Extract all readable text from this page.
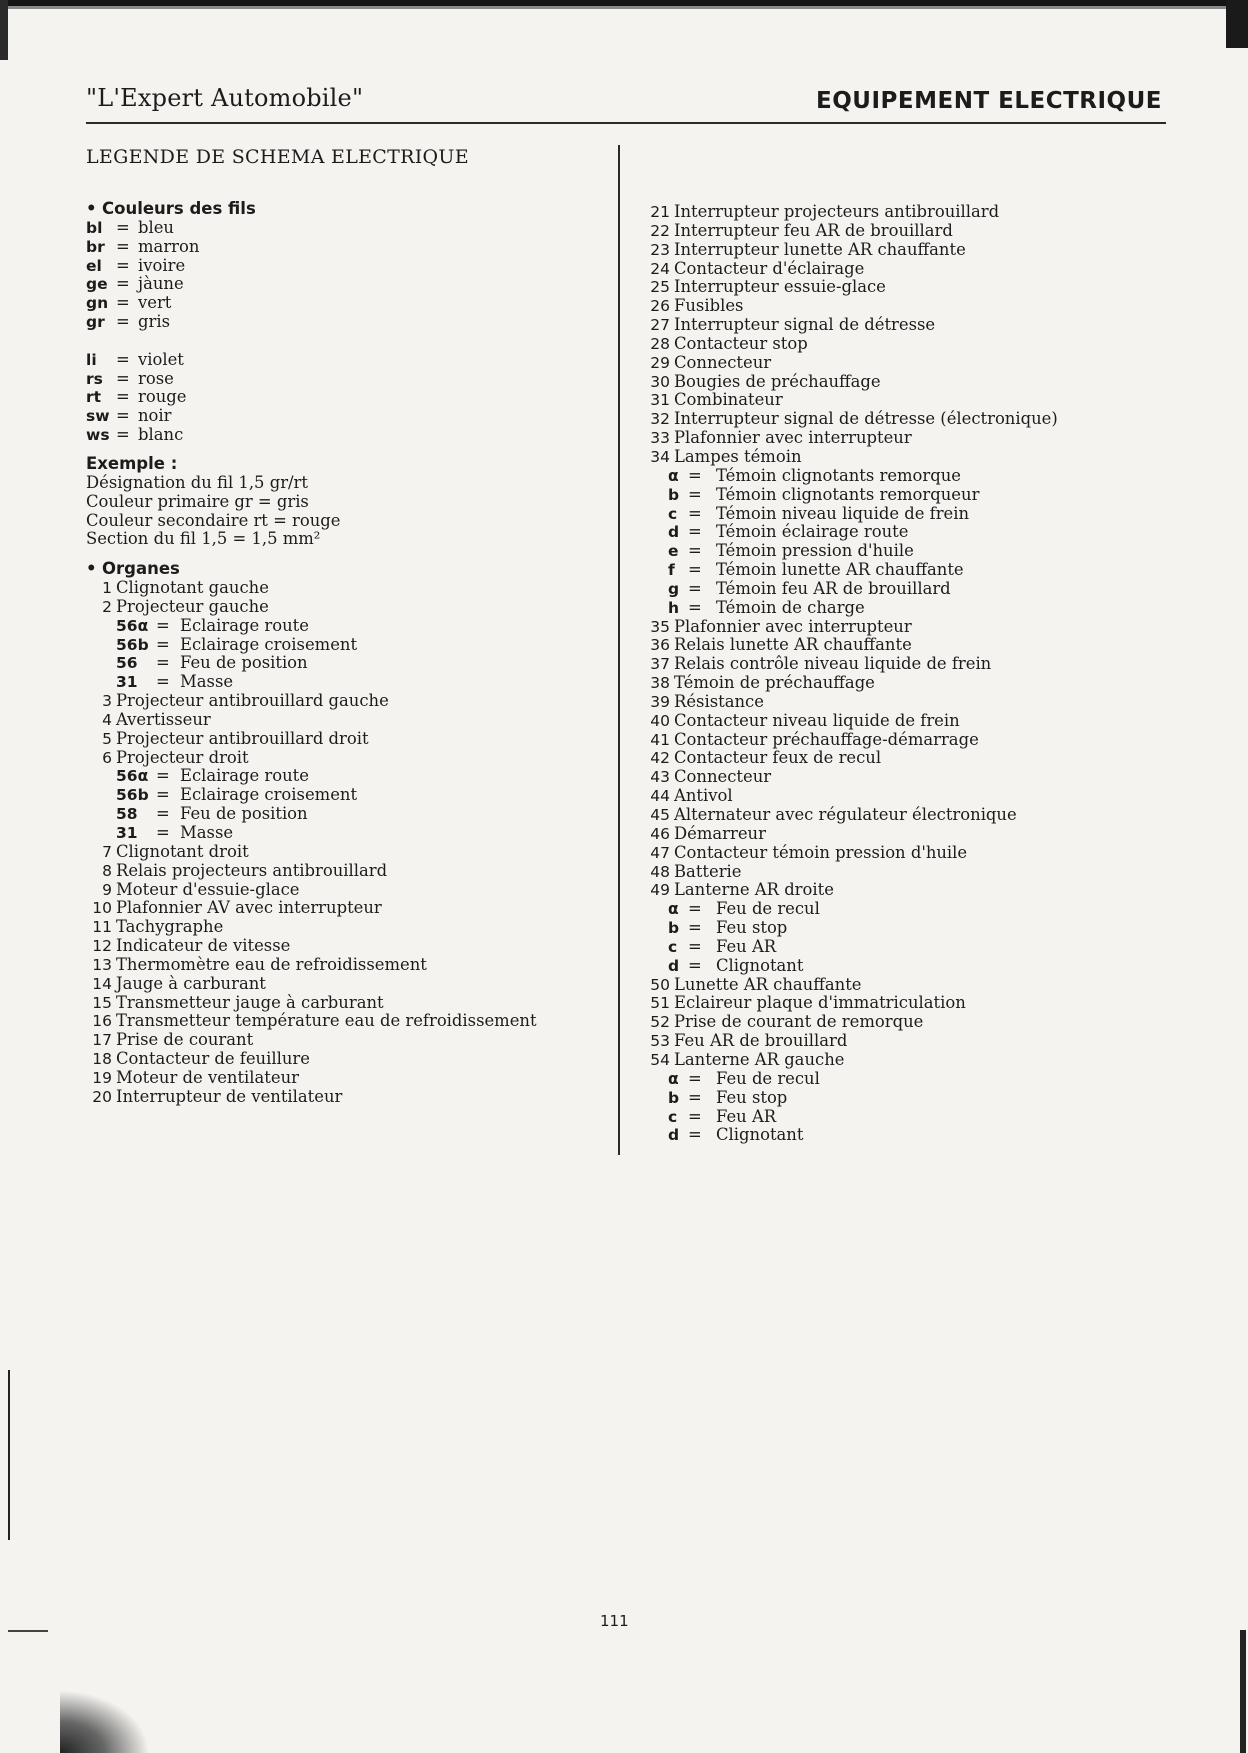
"L'Expert Automobile"	EQUIPEMENT ELECTRIQUE
LEGENDE DE SCHEMA ELECTRIQUE
• Couleurs des fils
bl = bleu
br = marron
el = ivoire
ge = jàune
gn = vert
gr = gris
li = violet
rs = rose
rt = rouge
sw = noir
ws = blanc
Exemple :
Désignation du fil 1,5 gr/rt
Couleur primaire gr = gris
Couleur secondaire rt = rouge
Section du fil 1,5 = 1,5 mm²
• Organes
1 Clignotant gauche
2 Projecteur gauche
56α = Eclairage route
56b = Eclairage croisement
56 = Feu de position
31 = Masse
3 Projecteur antibrouillard gauche
4 Avertisseur
5 Projecteur antibrouillard droit
6 Projecteur droit
56α = Eclairage route
56b = Eclairage croisement
58 = Feu de position
31 = Masse
7 Clignotant droit
8 Relais projecteurs antibrouillard
9 Moteur d'essuie-glace
10 Plafonnier AV avec interrupteur
11 Tachygraphe
12 Indicateur de vitesse
13 Thermomètre eau de refroidissement
14 Jauge à carburant
15 Transmetteur jauge à carburant
16 Transmetteur température eau de refroidissement
17 Prise de courant
18 Contacteur de feuillure
19 Moteur de ventilateur
20 Interrupteur de ventilateur
21 Interrupteur projecteurs antibrouillard
22 Interrupteur feu AR de brouillard
23 Interrupteur lunette AR chauffante
24 Contacteur d'éclairage
25 Interrupteur essuie-glace
26 Fusibles
27 Interrupteur signal de détresse
28 Contacteur stop
29 Connecteur
30 Bougies de préchauffage
31 Combinateur
32 Interrupteur signal de détresse (électronique)
33 Plafonnier avec interrupteur
34 Lampes témoin
α = Témoin clignotants remorque
b = Témoin clignotants remorqueur
c = Témoin niveau liquide de frein
d = Témoin éclairage route
e = Témoin pression d'huile
f = Témoin lunette AR chauffante
g = Témoin feu AR de brouillard
h = Témoin de charge
35 Plafonnier avec interrupteur
36 Relais lunette AR chauffante
37 Relais contrôle niveau liquide de frein
38 Témoin de préchauffage
39 Résistance
40 Contacteur niveau liquide de frein
41 Contacteur préchauffage-démarrage
42 Contacteur feux de recul
43 Connecteur
44 Antivol
45 Alternateur avec régulateur électronique
46 Démarreur
47 Contacteur témoin pression d'huile
48 Batterie
49 Lanterne AR droite
α = Feu de recul
b = Feu stop
c = Feu AR
d = Clignotant
50 Lunette AR chauffante
51 Eclaireur plaque d'immatriculation
52 Prise de courant de remorque
53 Feu AR de brouillard
54 Lanterne AR gauche
α = Feu de recul
b = Feu stop
c = Feu AR
d = Clignotant
111
